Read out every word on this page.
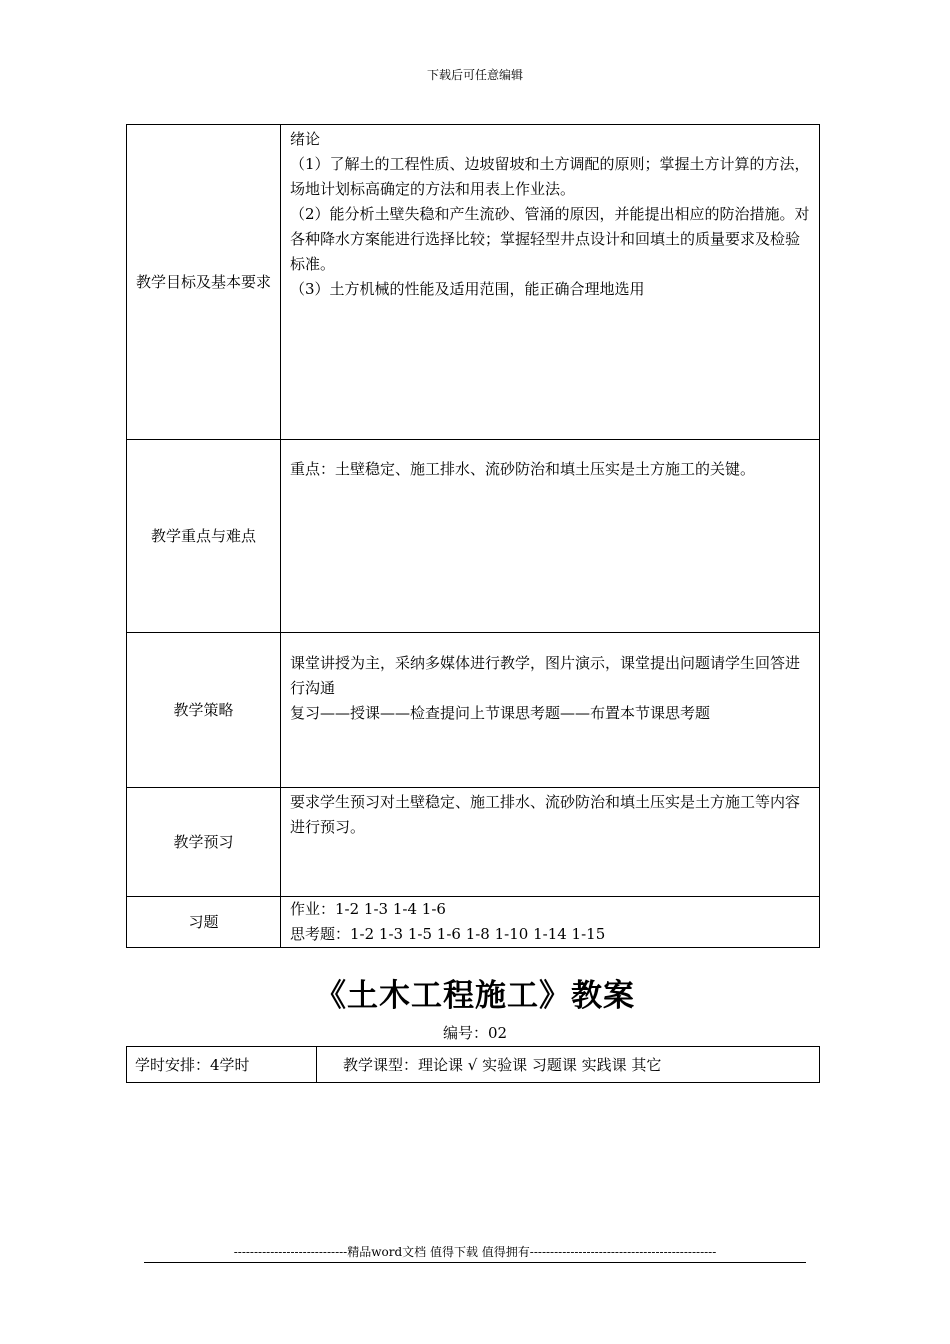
下载后可任意编辑
教学目标及基本要求	绪论
（1）了解土的工程性质、边坡留坡和土方调配的原则；掌握土方计算的方法，场地计划标高确定的方法和用表上作业法。
（2）能分析土壁失稳和产生流砂、管涌的原因，并能提出相应的防治措施。对各种降水方案能进行选择比较；掌握轻型井点设计和回填土的质量要求及检验标准。
（3）土方机械的性能及适用范围，能正确合理地选用

教学重点与难点	重点：土壁稳定、施工排水、流砂防治和填土压实是土方施工的关键。

教学策略	课堂讲授为主，采纳多媒体进行教学，图片演示，课堂提出问题请学生回答进行沟通
复习——授课——检查提问上节课思考题——布置本节课思考题

教学预习	要求学生预习对土壁稳定、施工排水、流砂防治和填土压实是土方施工等内容进行预习。

习题	作业：1-2 1-3 1-4 1-6
思考题：1-2 1-3 1-5 1-6 1-8 1-10 1-14 1-15
《土木工程施工》教案
编号：02
学时安排：4学时	教学课型：理论课 √ 实验课 习题课 实践课 其它
----------------------------精品word文档 值得下载 值得拥有----------------------------------------------
